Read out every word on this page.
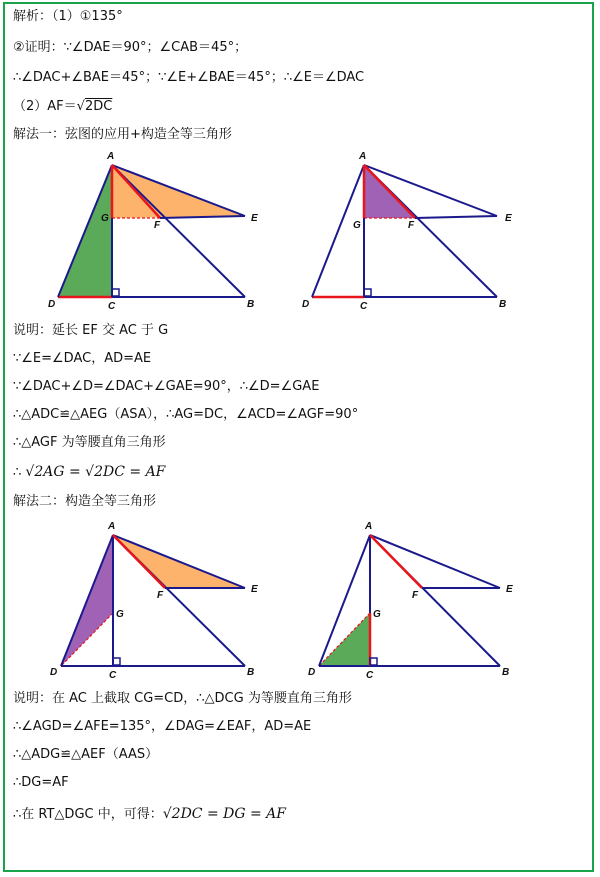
解析：（1）①135°
②证明：∵∠DAE＝90°；∠CAB＝45°；
∴∠DAC+∠BAE＝45°；∵∠E+∠BAE＝45°；∴∠E＝∠DAC
（2）AF＝√2DC
解法一：弦图的应用+构造全等三角形
A
G
F
E
D	C	B
A
G	F
E
D	C	B
说明：延长 EF 交 AC 于 G
∵∠E=∠DAC，AD=AE
∵∠DAC+∠D=∠DAC+∠GAE=90°，∴∠D=∠GAE
∴△ADC≌△AEG（ASA），∴AG=DC，∠ACD=∠AGF=90°
∴△AGF 为等腰直角三角形
∴ √2AG = √2DC = AF
解法二：构造全等三角形
A
G
F
E
D	C	B
A
G
F
E
D	C	B
说明：在 AC 上截取 CG=CD，∴△DCG 为等腰直角三角形
∴∠AGD=∠AFE=135°，∠DAG=∠EAF，AD=AE
∴△ADG≌△AEF（AAS）
∴DG=AF
∴在 RT△DGC 中，可得：√2DC = DG = AF
